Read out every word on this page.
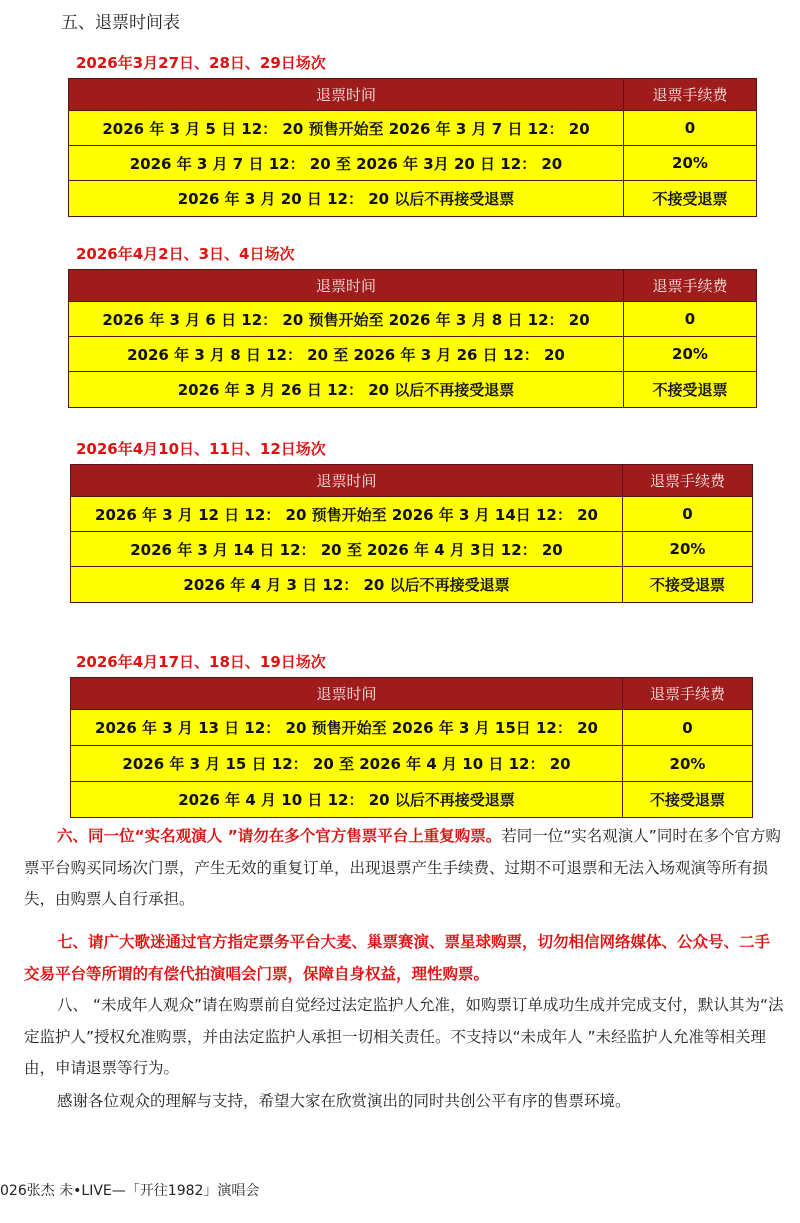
五、退票时间表
2026年3月27日、28日、29日场次
退票时间	退票手续费
2026 年 3 月 5 日 12： 20 预售开始至 2026 年 3 月 7 日 12： 20	0
2026 年 3 月 7 日 12： 20 至 2026 年 3月 20 日 12： 20	20%
2026 年 3 月 20 日 12： 20 以后不再接受退票	不接受退票
2026年4月2日、3日、4日场次
退票时间	退票手续费
2026 年 3 月 6 日 12： 20 预售开始至 2026 年 3 月 8 日 12： 20	0
2026 年 3 月 8 日 12： 20 至 2026 年 3 月 26 日 12： 20	20%
2026 年 3 月 26 日 12： 20 以后不再接受退票	不接受退票
2026年4月10日、11日、12日场次
退票时间	退票手续费
2026 年 3 月 12 日 12： 20 预售开始至 2026 年 3 月 14日 12： 20	0
2026 年 3 月 14 日 12： 20 至 2026 年 4 月 3日 12： 20	20%
2026 年 4 月 3 日 12： 20 以后不再接受退票	不接受退票
2026年4月17日、18日、19日场次
退票时间	退票手续费
2026 年 3 月 13 日 12： 20 预售开始至 2026 年 3 月 15日 12： 20	0
2026 年 3 月 15 日 12： 20 至 2026 年 4 月 10 日 12： 20	20%
2026 年 4 月 10 日 12： 20 以后不再接受退票	不接受退票
六、同一位“实名观演人 ”请勿在多个官方售票平台上重复购票。若同一位“实名观演人”同时在多个官方购票平台购买同场次门票，产生无效的重复订单，出现退票产生手续费、过期不可退票和无法入场观演等所有损失，由购票人自行承担。
七、请广大歌迷通过官方指定票务平台大麦、巢票赛演、票星球购票，切勿相信网络媒体、公众号、二手交易平台等所谓的有偿代拍演唱会门票，保障自身权益，理性购票。
八、 “未成年人观众”请在购票前自觉经过法定监护人允准，如购票订单成功生成并完成支付，默认其为“法定监护人”授权允准购票，并由法定监护人承担一切相关责任。不支持以“未成年人 ”未经监护人允准等相关理由，申请退票等行为。
感谢各位观众的理解与支持，希望大家在欣赏演出的同时共创公平有序的售票环境。
026张杰 未•LIVE—「开往1982」演唱会
